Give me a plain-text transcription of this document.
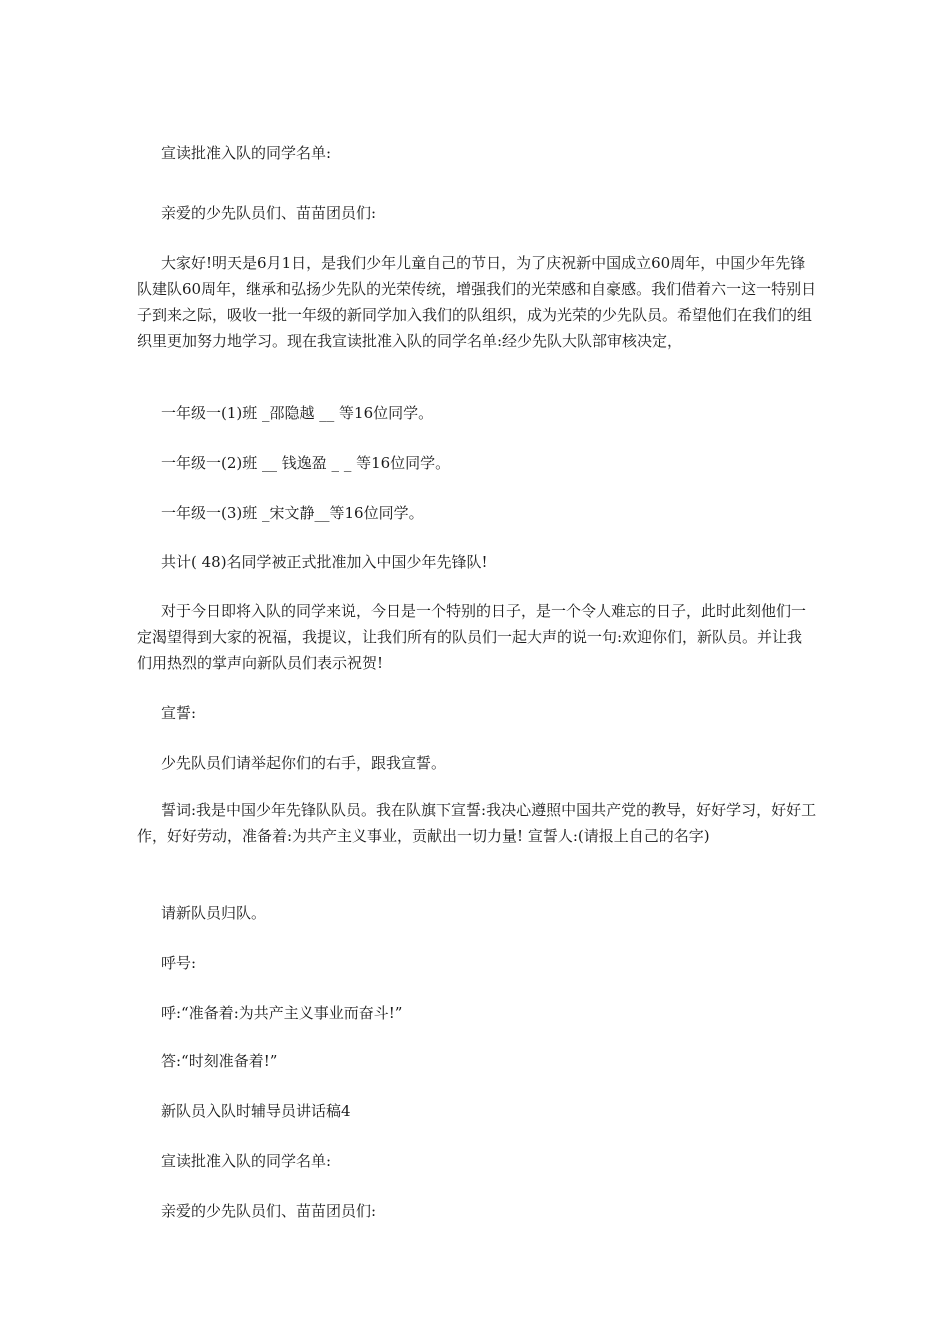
宣读批准入队的同学名单:

亲爱的少先队员们、苗苗团员们:

大家好!明天是6月1日，是我们少年儿童自己的节日，为了庆祝新中国成立60周年，中国少年先锋队建队60周年，继承和弘扬少先队的光荣传统，增强我们的光荣感和自豪感。我们借着六一这一特别日子到来之际，吸收一批一年级的新同学加入我们的队组织，成为光荣的少先队员。希望他们在我们的组织里更加努力地学习。现在我宣读批准入队的同学名单:经少先队大队部审核决定，

一年级一(1)班 _邵隐越 __ 等16位同学。

一年级一(2)班 __ 钱逸盈 _ _ 等16位同学。

一年级一(3)班 _宋文静__等16位同学。

共计( 48)名同学被正式批准加入中国少年先锋队!

对于今日即将入队的同学来说，今日是一个特别的日子，是一个令人难忘的日子，此时此刻他们一定渴望得到大家的祝福，我提议，让我们所有的队员们一起大声的说一句:欢迎你们，新队员。并让我们用热烈的掌声向新队员们表示祝贺!

宣誓:

少先队员们请举起你们的右手，跟我宣誓。

誓词:我是中国少年先锋队队员。我在队旗下宣誓:我决心遵照中国共产党的教导，好好学习，好好工作，好好劳动，准备着:为共产主义事业，贡献出一切力量! 宣誓人:(请报上自己的名字)

请新队员归队。

呼号:

呼:“准备着:为共产主义事业而奋斗!”

答:“时刻准备着!”

新队员入队时辅导员讲话稿4

宣读批准入队的同学名单:

亲爱的少先队员们、苗苗团员们:
